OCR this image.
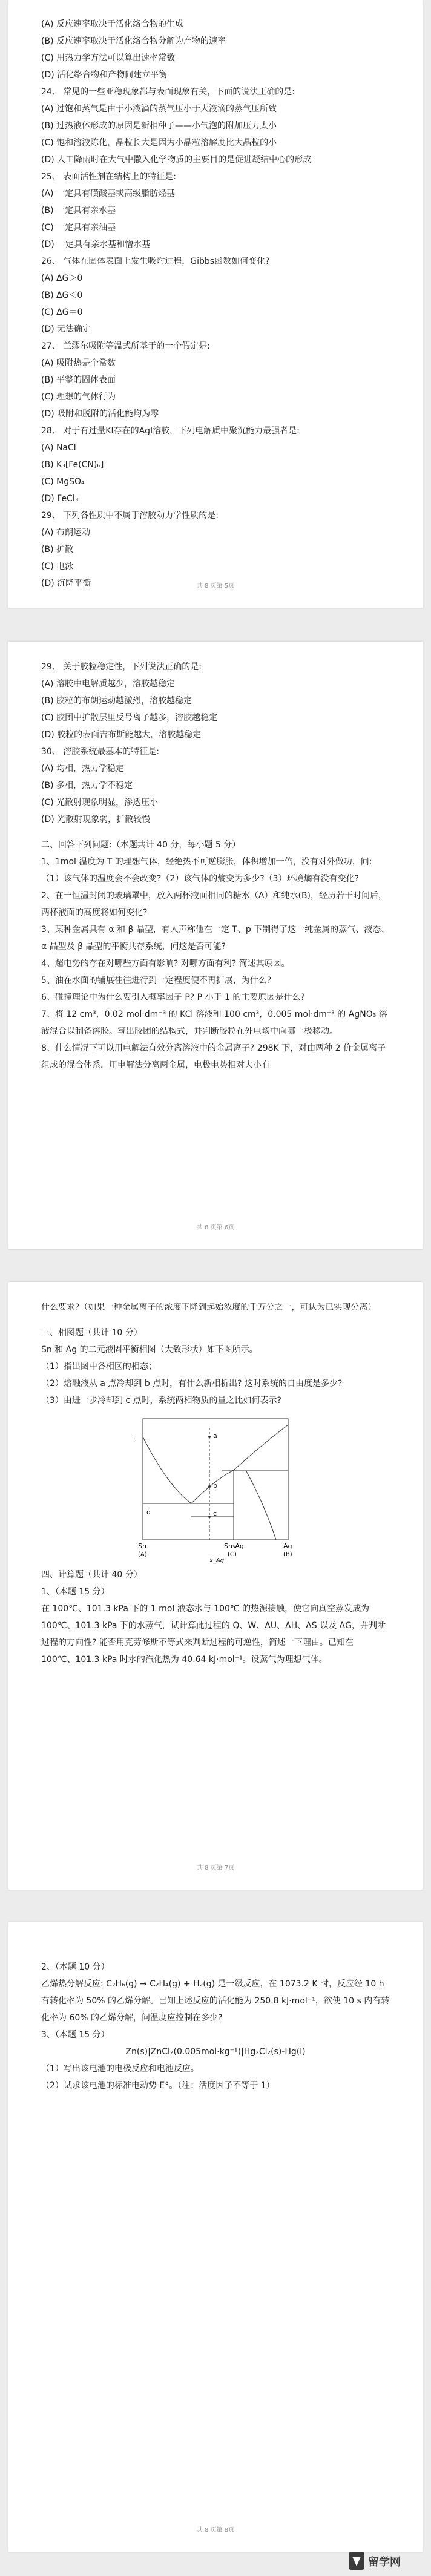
(A) 反应速率取决于活化络合物的生成
(B) 反应速率取决于活化络合物分解为产物的速率
(C) 用热力学方法可以算出速率常数
(D) 活化络合物和产物间建立平衡
24、 常见的一些亚稳现象都与表面现象有关，下面的说法正确的是:
(A) 过饱和蒸气是由于小液滴的蒸气压小于大液滴的蒸气压所致
(B) 过热液体形成的原因是新相种子——小气泡的附加压力太小
(C) 饱和溶液陈化，晶粒长大是因为小晶粒溶解度比大晶粒的小
(D) 人工降雨时在大气中撒入化学物质的主要目的是促进凝结中心的形成
25、 表面活性剂在结构上的特征是:
(A) 一定具有磺酸基或高级脂肪烃基
(B) 一定具有亲水基
(C) 一定具有亲油基
(D) 一定具有亲水基和憎水基
26、 气体在固体表面上发生吸附过程，Gibbs函数如何变化?
(A) ΔG＞0
(B) ΔG＜0
(C) ΔG＝0
(D) 无法确定
27、 兰缪尔吸附等温式所基于的一个假定是:
(A) 吸附热是个常数
(B) 平整的固体表面
(C) 理想的气体行为
(D) 吸附和脱附的活化能均为零
28、 对于有过量KI存在的AgI溶胶，下列电解质中聚沉能力最强者是:
(A) NaCl
(B) K₃[Fe(CN)₆]
(C) MgSO₄
(D) FeCl₃
29、 下列各性质中不属于溶胶动力学性质的是:
(A) 布朗运动
(B) 扩散
(C) 电泳
(D) 沉降平衡	共 8 页第 5页
29、 关于胶粒稳定性，下列说法正确的是:
(A) 溶胶中电解质越少，溶胶越稳定
(B) 胶粒的布朗运动越激烈，溶胶越稳定
(C) 胶团中扩散层里反号离子越多，溶胶越稳定
(D) 胶粒的表面吉布斯能越大，溶胶越稳定
30、 溶胶系统最基本的特征是:
(A) 均相，热力学稳定
(B) 多相，热力学不稳定
(C) 光散射现象明显，渗透压小
(D) 光散射现象弱，扩散较慢
二、回答下列问题:（本题共计 40 分，每小题 5 分）
1、1mol 温度为 T 的理想气体，经绝热不可逆膨胀，体积增加一倍，没有对外做功，问:（1）该气体的温度会不会改变?（2）该气体的熵变为多少?（3）环境熵有没有变化?
2、在一恒温封闭的玻璃罩中，放入两杯液面相同的糖水（A）和纯水(B)，经历若干时间后，两杯液面的高度将如何变化?
3、某种金属具有 α 和 β 晶型，有人声称他在一定 T、p 下制得了这一纯金属的蒸气、液态、α 晶型及 β 晶型的平衡共存系统，问这是否可能?
4、超电势的存在对哪些方面有影响? 对哪方面有利? 简述其原因。
5、油在水面的铺展往往进行到一定程度便不再扩展，为什么?
6、碰撞理论中为什么要引入概率因子 P? P 小于 1 的主要原因是什么?
7、将 12 cm³，0.02 mol·dm⁻³ 的 KCl 溶液和 100 cm³，0.005 mol·dm⁻³ 的 AgNO₃ 溶液混合以制备溶胶。写出胶团的结构式，并判断胶粒在外电场中向哪一极移动。
8、什么情况下可以用电解法有效分离溶液中的金属离子? 298K 下，对由两种 2 价金属离子组成的混合体系，用电解法分离两金属，电极电势相对大小有
共 8 页第 6页
什么要求?（如果一种金属离子的浓度下降到起始浓度的千万分之一，可认为已实现分离）
三、相图题（共计 10 分）
Sn 和 Ag 的二元液固平衡相图（大致形状）如下图所示。
（1）指出图中各相区的相态；
（2）熔融液从 a 点冷却到 b 点时，有什么新相析出? 这时系统的自由度是多少?
（3）由进一步冷却到 c 点时，系统两相物质的量之比如何表示?
a
b
c
d
t
Sn	Sn₃Ag	Ag
(A)	(C)	(B)
x_Ag
四、计算题（共计 40 分）
1、（本题 15 分）
在 100℃、101.3 kPa 下的 1 mol 液态水与 100℃ 的热源接触，使它向真空蒸发成为 100℃、101.3 kPa 下的水蒸气，试计算此过程的 Q、W、ΔU、ΔH、ΔS 以及 ΔG，并判断过程的方向性? 能否用克劳修斯不等式来判断过程的可逆性，简述一下理由。已知在 100℃、101.3 kPa 时水的汽化热为 40.64 kJ·mol⁻¹。设蒸气为理想气体。
共 8 页第 7页
2、（本题 10 分）
乙烯热分解反应: C₂H₆(g) → C₂H₄(g) + H₂(g) 是一级反应，在 1073.2 K 时，反应经 10 h 有转化率为 50% 的乙烯分解。已知上述反应的活化能为 250.8 kJ·mol⁻¹，欲使 10 s 内有转化率为 60% 的乙烯分解，问温度应控制在多少?
3、（本题 15 分）
Zn(s)|ZnCl₂(0.005mol·kg⁻¹)|Hg₂Cl₂(s)-Hg(l)
（1）写出该电池的电极反应和电池反应。
（2）试求该电池的标准电动势 E°。（注：活度因子不等于 1）
共 8 页第 8页
留学网
